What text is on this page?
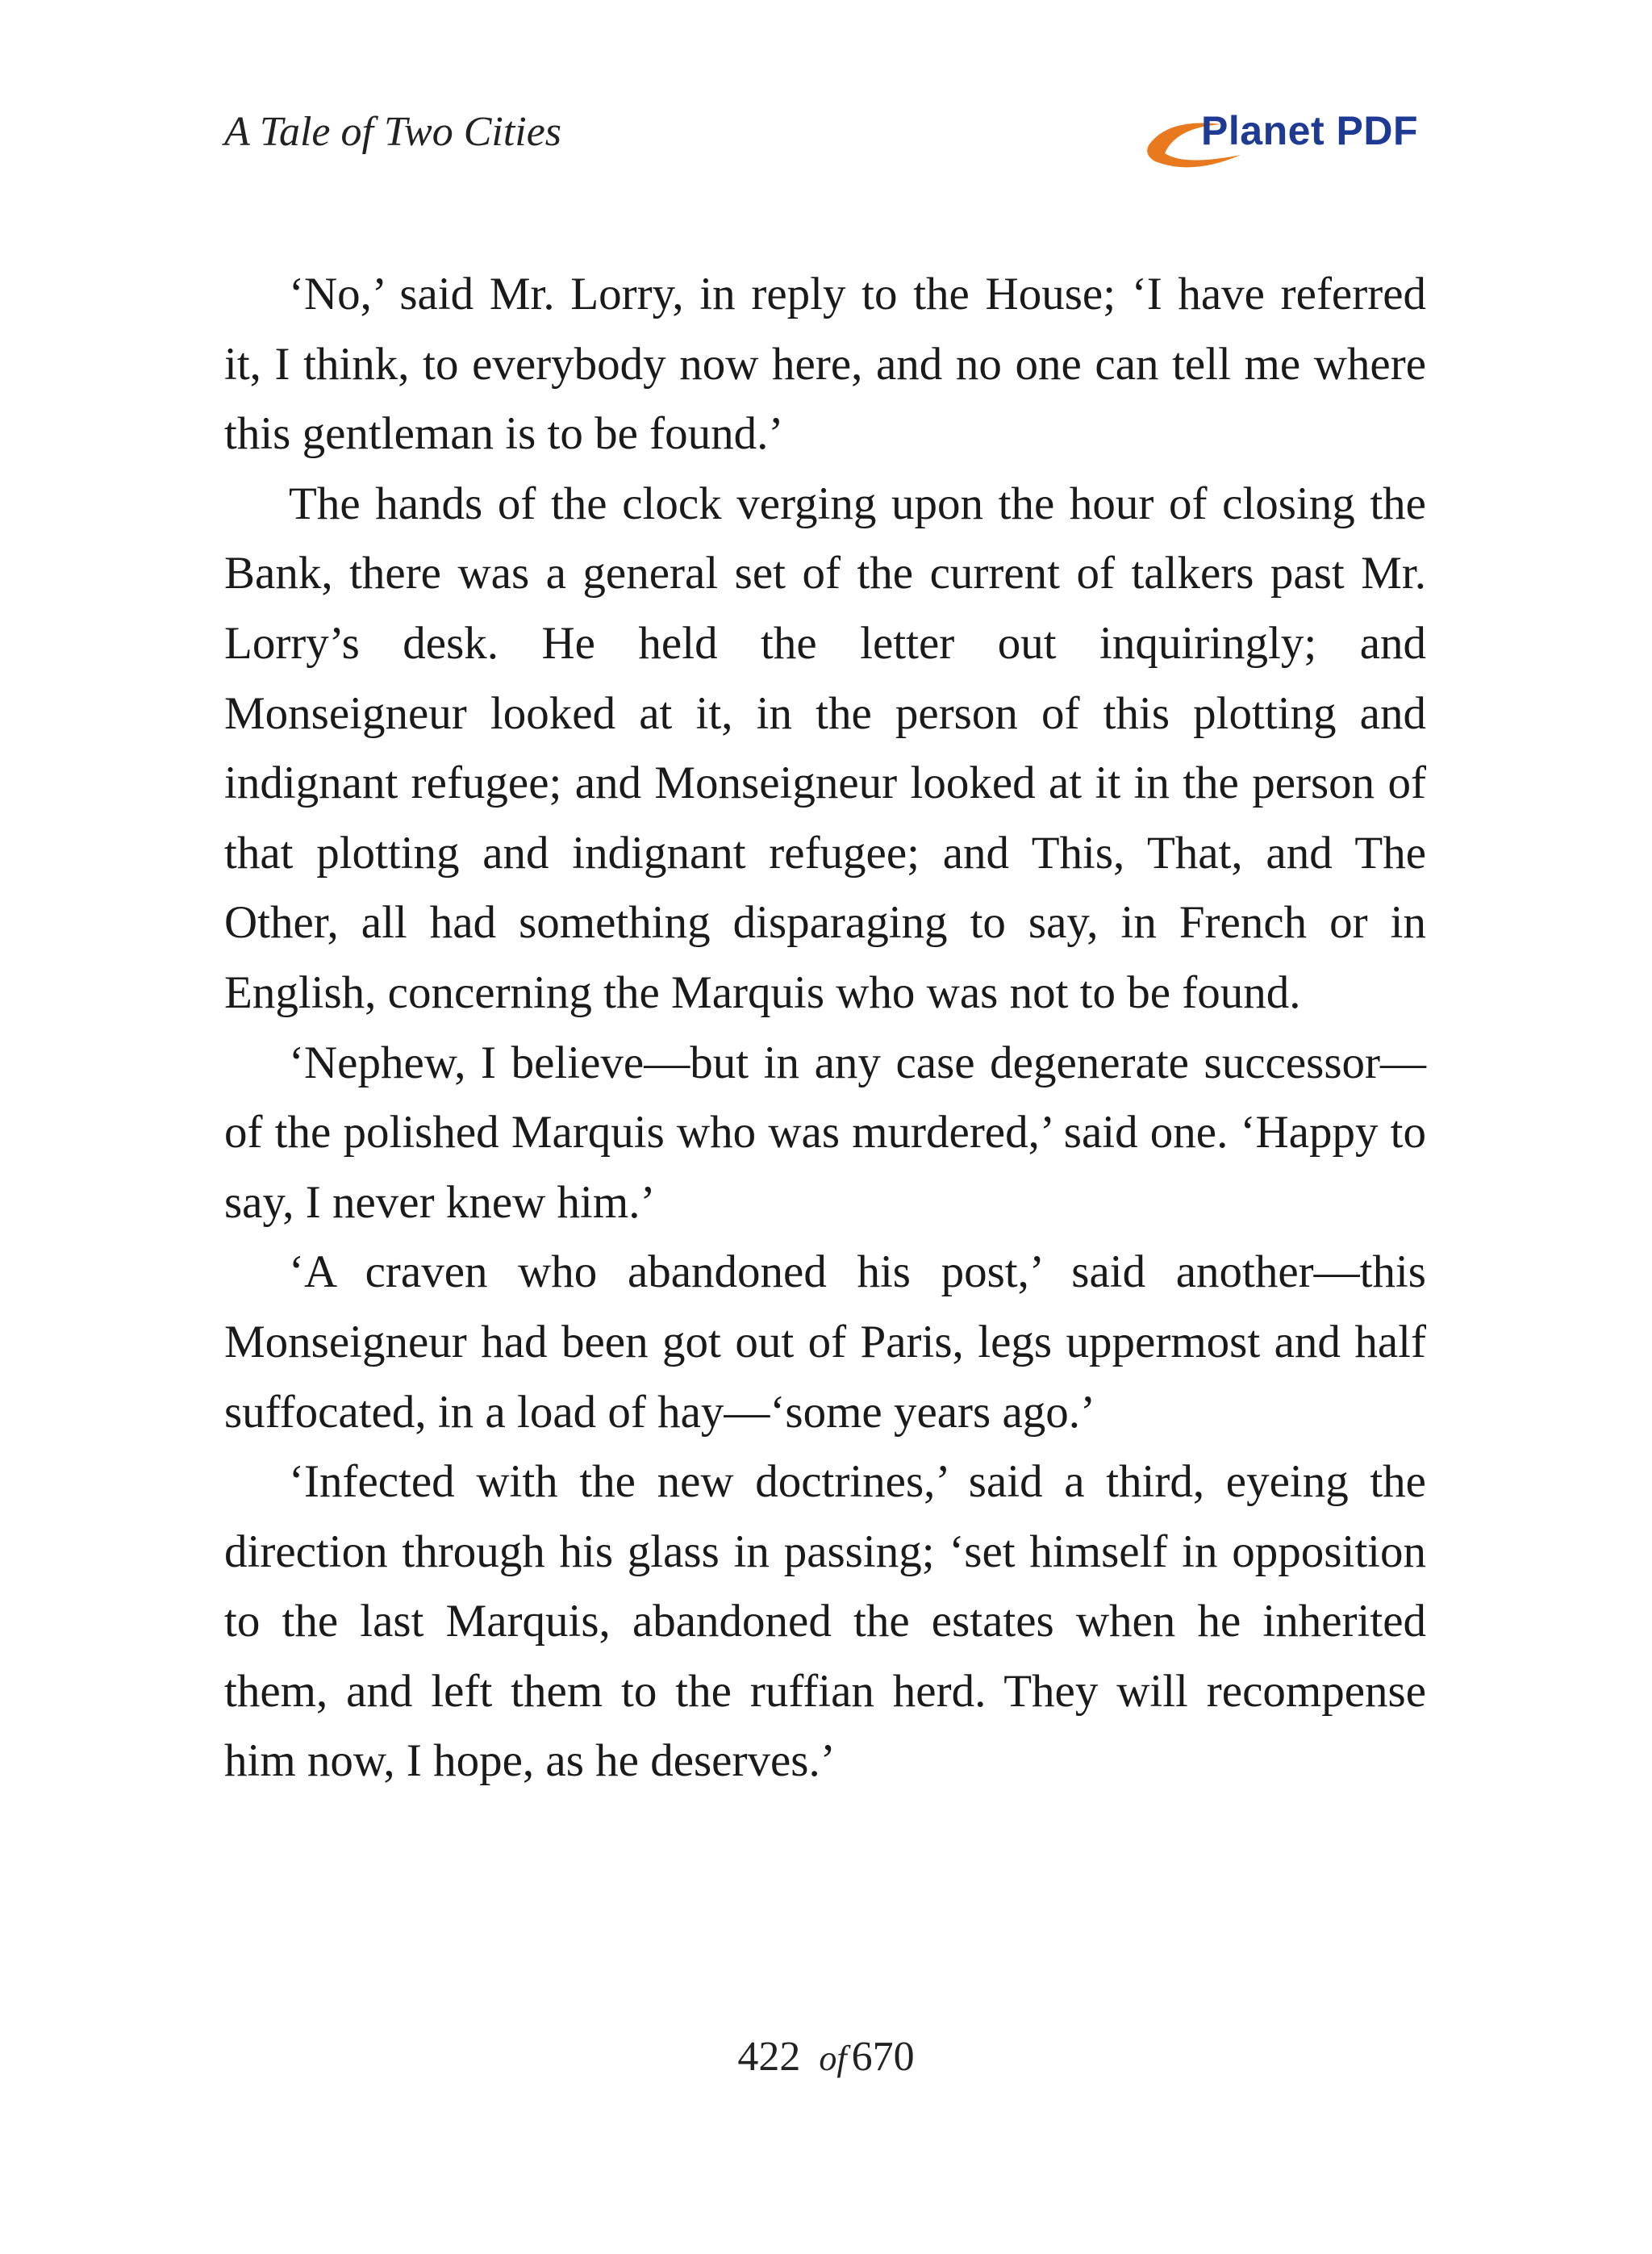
A Tale of Two Cities	Planet PDF

‘No,’ said Mr. Lorry, in reply to the House; ‘I have referred it, I think, to everybody now here, and no one can tell me where this gentleman is to be found.’

The hands of the clock verging upon the hour of closing the Bank, there was a general set of the current of talkers past Mr. Lorry’s desk. He held the letter out inquiringly; and Monseigneur looked at it, in the person of this plotting and indignant refugee; and Monseigneur looked at it in the person of that plotting and indignant refugee; and This, That, and The Other, all had something disparaging to say, in French or in English, concerning the Marquis who was not to be found.

‘Nephew, I believe—but in any case degenerate successor—of the polished Marquis who was murdered,’ said one. ‘Happy to say, I never knew him.’

‘A craven who abandoned his post,’ said another—this Monseigneur had been got out of Paris, legs uppermost and half suffocated, in a load of hay—‘some years ago.’

‘Infected with the new doctrines,’ said a third, eyeing the direction through his glass in passing; ‘set himself in opposition to the last Marquis, abandoned the estates when he inherited them, and left them to the ruffian herd. They will recompense him now, I hope, as he deserves.’

422 of 670
